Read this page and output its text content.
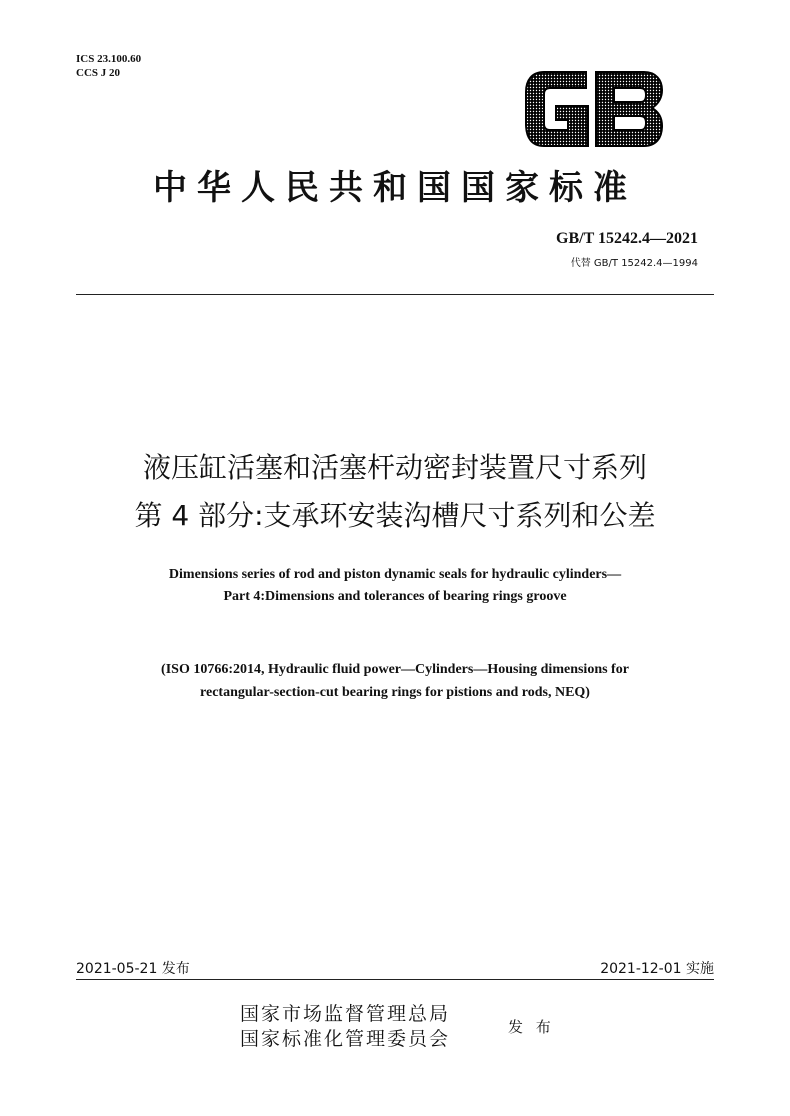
ICS 23.100.60
CCS J 20
中华人民共和国国家标准
GB/T 15242.4—2021
代替 GB/T 15242.4—1994
液压缸活塞和活塞杆动密封装置尺寸系列
第 4 部分:支承环安装沟槽尺寸系列和公差
Dimensions series of rod and piston dynamic seals for hydraulic cylinders—
Part 4:Dimensions and tolerances of bearing rings groove
(ISO 10766:2014, Hydraulic fluid power—Cylinders—Housing dimensions for
rectangular-section-cut bearing rings for pistions and rods, NEQ)
2021-05-21 发布	2021-12-01 实施
国家市场监督管理总局
国家标准化管理委员会
发 布
